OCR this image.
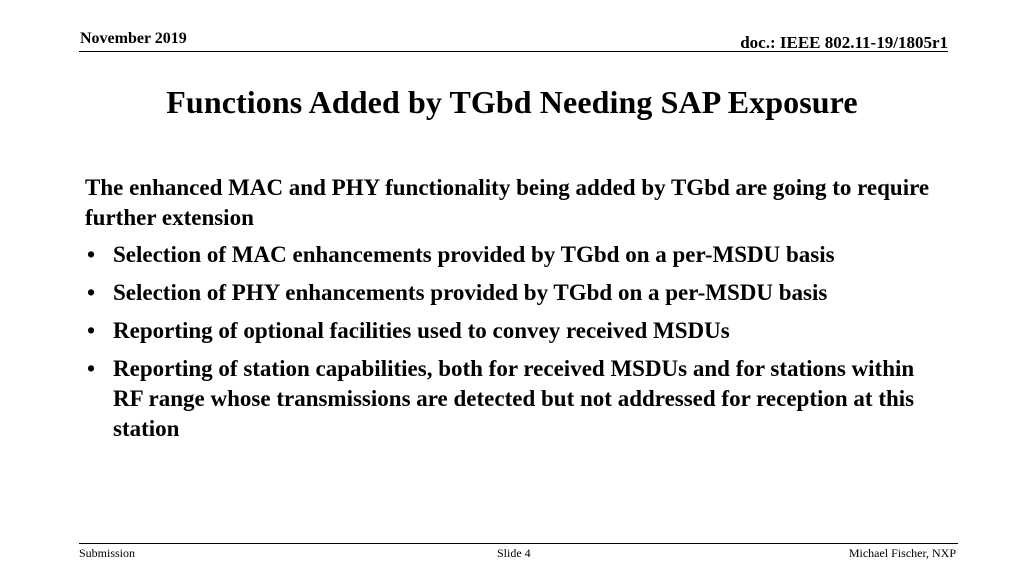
November 2019	doc.: IEEE 802.11-19/1805r1
Functions Added by TGbd Needing SAP Exposure

The enhanced MAC and PHY functionality being added by TGbd are going to require further extension

• Selection of MAC enhancements provided by TGbd on a per-MSDU basis
• Selection of PHY enhancements provided by TGbd on a per-MSDU basis
• Reporting of optional facilities used to convey received MSDUs
• Reporting of station capabilities, both for received MSDUs and for stations within RF range whose transmissions are detected but not addressed for reception at this station
Submission	Slide 4	Michael Fischer, NXP
